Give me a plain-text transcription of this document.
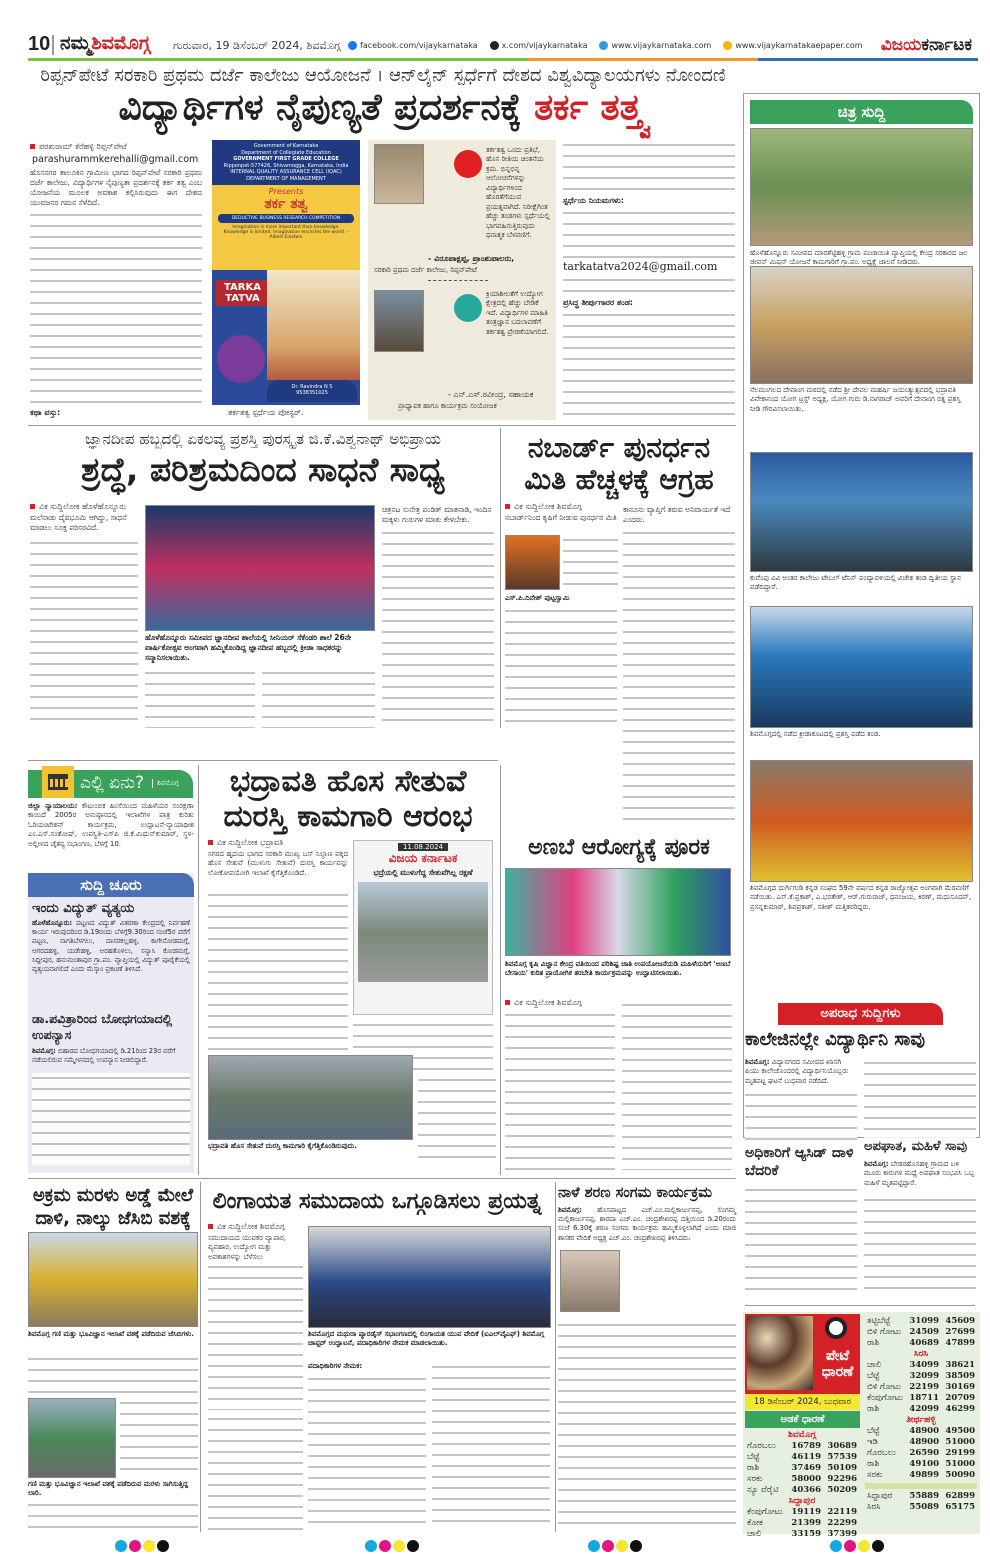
10 ನಮ್ಮಶಿವಮೊಗ್ಗ ಗುರುವಾರ, 19 ಡಿಸೆಂಬರ್ 2024, ಶಿವಮೊಗ್ಗ	facebook.com/vijaykarnataka	x.com/vijaykarnataka	www.vijaykarnataka.com	www.vijaykarnatakaepaper.com ವಿಜಯಕರ್ನಾಟಕ
ರಿಪ್ಪನ್‌ಪೇಟೆ ಸರಕಾರಿ ಪ್ರಥಮ ದರ್ಜೆ ಕಾಲೇಜು ಆಯೋಜನೆ । ಆನ್‌ಲೈನ್ ಸ್ಪರ್ಧೆಗೆ ದೇಶದ ವಿಶ್ವವಿದ್ಯಾಲಯಗಳು ನೋಂದಣಿ
ವಿದ್ಯಾರ್ಥಿಗಳ ನೈಪುಣ್ಯತೆ ಪ್ರದರ್ಶನಕ್ಕೆ ತರ್ಕ ತತ್ತ್ವ
ಪರಶುರಾಮ್ ಕೆರೆಹಳ್ಳಿ ರಿಪ್ಪನ್‌ಪೇಟೆ
parashurammkerehalli@gmail.com
ಹೊಸನಗರ ತಾಲೂಕಿನ ಗ್ರಾಮೀಣ ಭಾಗದ ರಿಪ್ಪನ್‌ಪೇಟೆ ಸರಕಾರಿ ಪ್ರಥಮ ದರ್ಜೆ ಕಾಲೇಜು, ವಿದ್ಯಾರ್ಥಿಗಳ ನೈಪುಣ್ಯತಾ ಪ್ರದರ್ಶನಕ್ಕೆ ತರ್ಕ ತತ್ವ ಎಂಬ ಯೋಜನೆಯ ಮೂಲಕ ಅವಕಾಶ ಕಲ್ಪಿಸಿರುವುದು ಈಗ ದೇಶದ ಯುವಜನರ ಗಮನ ಸೆಳೆದಿದೆ.
ಕಥಾ ವಸ್ತು:
Government of Karnataka
Department of Collegiate Education
GOVERNMENT FIRST GRADE COLLEGE
Ripponpet-577426, Shivamogga, Karnataka, India
INTERNAL QUALITY ASSURANCE CELL (IQAC)
DEPARTMENT OF MANAGEMENT
Presents
ತರ್ಕ ತತ್ವ
DEDUCTIVE BUSINESS RESEARCH COMPETITION
Imagination is more important than knowledge. Knowledge is limited. Imagination encircles the world. - Albert Einstein
TARKA
TATVA
Dr. Ravindra N S
9538351025
ತರ್ಕತತ್ವ ಸ್ಪರ್ಧೆಯ ಪೋಸ್ಟರ್.
ತರ್ಕತತ್ವ ಒಂದು ಪ್ರತಿಭೆ, ಹೊಸ ರೀತಿಯ ಚಿಂತನೆಯ ಕ್ರಮ. ಭಿನ್ನಭಿನ್ನ ಆಲೋಚನೆಗಳನ್ನು ವಿದ್ಯಾರ್ಥಿಗಳಿಂದ ಹೊರತೆಗೆಯುವ ಪ್ರಯತ್ನವಾಗಿದೆ. ನಿರೀಕ್ಷೆಗಿಂತ ಹೆಚ್ಚು ತಂಡಗಳು ಸ್ಪರ್ಧೆಯಲ್ಲಿ ಭಾಗವಹಿಸುತ್ತಿರುವುದು ಧನಾತ್ಮಕ ಬೆಳವಣಿಗೆ.
- ವಿರೂಪಾಕ್ಷಪ್ಪ, ಪ್ರಾಂಶುಪಾಲರು,
ಸರಕಾರಿ ಪ್ರಥಮ ದರ್ಜೆ ಕಾಲೇಜು, ರಿಪ್ಪನ್‌ಪೇಟೆ
ಕ್ರಿಯಾಶೀಲತೆಗೆ ಉದ್ಯೋಗ ಕ್ಷೇತ್ರದಲ್ಲಿ ಹೆಚ್ಚು ಬೇಡಿಕೆ ಇದೆ. ವಿದ್ಯಾರ್ಥಿಗಳ ಮಾಹಿತಿ ತಂತ್ರಜ್ಞಾನ ಬದಲಾವಣೆಗೆ ತರ್ಕತತ್ವ ಪ್ರೇರಣೆಯಾಗಲಿದೆ.
- ಎನ್.ಎಸ್.ರವೀಂದ್ರ, ಸಹಾಯಕ
ಪ್ರಾಧ್ಯಾಪಕ ಹಾಗೂ ಕಾರ್ಯಕ್ರಮ ಸಂಯೋಜಕ
ಸ್ಪರ್ಧೆಯ ನಿಯಮಗಳು:
tarkatatva2024@gmail.com
ಪ್ರಸಿದ್ಧ ತೀರ್ಪುಗಾರರ ತಂಡ:
ಚಿತ್ರ ಸುದ್ದಿ
ಹೊಳೆಹೊನ್ನೂರು ಸಮೀಪದ ಮಾರಶೆಟ್ಟಿಹಳ್ಳಿ ಗ್ರಾಮ ಪಂಚಾಯಿತಿ ವ್ಯಾಪ್ತಿಯಲ್ಲಿ ಕೇಂದ್ರ ಸರಕಾರದ ಜಲ ಜೀವನ್ ಮಿಷನ್ ಯೋಜನೆ ಕಾಮಗಾರಿಗೆ ಗ್ರಾ.ಪಂ. ಅಧ್ಯಕ್ಷೆ ಚಾಲನೆ ನೀಡಿದರು.
ನೆಲಮಂಗಲದ ದೇವಾಂಗ ಮಠದಲ್ಲಿ ನಡೆದ ಶ್ರೀ ದೇವಲ ಮಹರ್ಷಿ ಜಯಂತ್ಯುತ್ಸವದಲ್ಲಿ ಭದ್ರಾವತಿ ವಿವೇಕಾನಂದ ಯೋಗ ಟ್ರಸ್ಟ್ ಅಧ್ಯಕ್ಷ, ಯೋಗ ಗುರು ಡಿ.ನಾಗರಾಜ್ ಅವರಿಗೆ ದೇವಾಂಗ ರತ್ನ ಪ್ರಶಸ್ತಿ ನೀಡಿ ಗೌರವಿಸಲಾಯಿತು.
ಕುವೆಂಪು ವಿವಿ ಅಂತರ ಕಾಲೇಜು ಟೇಬಲ್ ಟೆನಿಸ್ ಪಂದ್ಯಾವಳಿಯಲ್ಲಿ ವಿಜೇತ ತಂಡ ದ್ವಿತೀಯ ಸ್ಥಾನ ಪಡೆದಿದ್ದಾರೆ.
ಶಿವಮೊಗ್ಗದಲ್ಲಿ ನಡೆದ ಕ್ರೀಡಾಕೂಟದಲ್ಲಿ ಪ್ರಶಸ್ತಿ ಪಡೆದ ತಂಡ.
ಶಿವಮೊಗ್ಗದ ದುರ್ಗಿಗುಡಿ ಕನ್ನಡ ಸಂಘದ 59ನೇ ವರ್ಷದ ಕನ್ನಡ ರಾಜ್ಯೋತ್ಸವ ಅಂಗವಾಗಿ ಮೆರವಣಿಗೆ ನಡೆಯಿತು. ಎಸ್.ಕೆ.ಪ್ರಕಾಶ್, ಎ.ಭರತೇಶ್, ಆರ್.ಗುರುರಾಜ್, ಧನಂಜಯ, ಕಿರಣ್, ಮಧುಸೂದನ್, ಪ್ರಸನ್ನಕುಮಾರ್, ಶಿವಪ್ರಕಾಶ್, ಸತೀಶ್ ಮತ್ತಿತರರಿದ್ದರು.
ಜ್ಞಾನದೀಪ ಹಬ್ಬದಲ್ಲಿ ಏಕಲವ್ಯ ಪ್ರಶಸ್ತಿ ಪುರಸ್ಕೃತ ಜಿ.ಕೆ.ವಿಶ್ವನಾಥ್ ಅಭಿಪ್ರಾಯ
ಶ್ರದ್ಧೆ, ಪರಿಶ್ರಮದಿಂದ ಸಾಧನೆ ಸಾಧ್ಯ
ವಿಕ ಸುದ್ದಿಲೋಕ ಹೊಳೆಹೊನ್ನೂರು
ಮಲೆನಾಡು ದೈವಭೂಮಿ ಆಗಿದ್ದು, ಸಾಧನೆ ಮಾಡಲು ಸೂಕ್ತ ಪರಿಸರವಿದೆ.
ಹೊಳೆಹೊನ್ನೂರು ಸಮೀಪದ ಜ್ಞಾನದೀಪ ಶಾಲೆಯಲ್ಲಿ ಸೀನಿಯರ್ ಸೆಕೆಂಡರಿ ಶಾಲೆ 26ನೇ ವಾರ್ಷಿಕೋತ್ಸವ ಅಂಗವಾಗಿ ಹಮ್ಮಿಕೊಂಡಿದ್ದ ಜ್ಞಾನದೀಪ ಹಬ್ಬದಲ್ಲಿ ಕ್ರೀಡಾ ಸಾಧಕರನ್ನು ಸನ್ಮಾನಿಸಲಾಯಿತು.
ಚಿತ್ರನಟ ಸುನೇತ್ರ ಪಂಡಿತ್ ಮಾತನಾಡಿ, ಇಂದಿನ ಮಕ್ಕಳು ಗುರುಗಳ ಮಾತು ಕೇಳಬೇಕು.
ನಬಾರ್ಡ್ ಪುನರ್ಧನ ಮಿತಿ ಹೆಚ್ಚಳಕ್ಕೆ ಆಗ್ರಹ
ವಿಕ ಸುದ್ದಿಲೋಕ ಶಿವಮೊಗ್ಗ
ನಬಾರ್ಡ್‌ನಿಂದ ಕೃಷಿಗೆ ನೀಡುವ ಪುನರ್ಧನ ಮಿತಿ
ಎಸ್.ಪಿ.ದಿನೇಶ್ ಪುಟ್ಟಸ್ವಾಮಿ
ಕಾನೂನು ವ್ಯಾಪ್ತಿಗೆ ತರುವ ಅನಿವಾರ್ಯತೆ ಇದೆ ಎಂದರು.
ಎಲ್ಲಿ ಏನು?	ಶಿವಮೊಗ್ಗ
ಜಿಲ್ಲಾ ನ್ಯಾಯಾಲಯ: ಕೌಟುಂಬಿಕ ಹಿಂಸೆಯಿಂದ ಮಹಿಳೆಯರ ಸಂರಕ್ಷಣಾ ಕಾಯಿದೆ 2005ರ ಅನುಷ್ಠಾನದಲ್ಲಿ ಇಲಾಖೆಗಳ ಪಾತ್ರ ಕುರಿತು ಓರಿಯಂಟೇಶನ್ ಕಾರ್ಯಕ್ರಮ, ಉದ್ಘಾಟನೆ-ನ್ಯಾಯಾಧೀಶ ಎಂ.ಎಸ್.ಸಂತೋಷ್, ಉಪಸ್ಥಿತಿ-ಎಸ್‌ಪಿ ಜಿ.ಕೆ.ಮಿಥುನ್‌ಕುಮಾರ್, ಸ್ಥಳ-ಅಲ್ಲೀಳದ ಚೈತನ್ಯ ಸಭಾಂಗಣ, ಬೆಳಗ್ಗೆ 10.
ಸುದ್ದಿ ಚೂರು
ಇಂದು ವಿದ್ಯುತ್ ವ್ಯತ್ಯಯ
ಹೊಳೆಹೊನ್ನೂರು: ಪಟ್ಟಣದ ವಿದ್ಯುತ್ ವಿತರಣಾ ಕೇಂದ್ರದಲ್ಲಿ ನಿರ್ವಹಣೆ ಕಾರ್ಯ ಇರುವುದರಿಂದ ಡಿ.19ರಂದು ಬೆಳಗ್ಗೆ9.30ರಿಂದ ಸಂಜೆ5ರ ವರೆಗೆ ಪಟ್ಟಣ, ನಾಗತಿಬೆಳಗಲು, ದಾಸರಕಲ್ಲಹಳ್ಳಿ, ಕಾಗೇನೋಡಮಗ್ಗೆ, ಅಗರದಹಳ್ಳಿ, ಯಡೇಹಳ್ಳಿ, ಅರಹತೊಳಲು, ಸನ್ಯಾಸಿ ಕೋಡಮಗ್ಗೆ, ಸಿದ್ದೀಪುರ, ಹನುಮಂತಾಪುರ ಗ್ರಾ.ಪಂ. ವ್ಯಾಪ್ತಿಯಲ್ಲಿ ವಿದ್ಯುತ್ ಪೂರೈಕೆಯಲ್ಲಿ ವ್ಯತ್ಯಯವಾಗಲಿದೆ ಎಂದು ಮೆಸ್ಕಾಂ ಪ್ರಕಟಣೆ ತಿಳಿಸಿದೆ.
ಡಾ.ಪವಿತ್ರಾರಿಂದ ಬೋಧಗಯಾದಲ್ಲಿ ಉಪನ್ಯಾಸ
ಶಿವಮೊಗ್ಗ: ಬಿಹಾರದ ಬೋಧಗಯಾದಲ್ಲಿ ಡಿ.21ರಿಂದ 23ರ ವರೆಗೆ ನಡೆಯಲಿರುವ ಸಮ್ಮೇಳನದಲ್ಲಿ ಉಪನ್ಯಾಸ ನೀಡಲಿದ್ದಾರೆ.
ಭದ್ರಾವತಿ ಹೊಸ ಸೇತುವೆ ದುರಸ್ತಿ ಕಾಮಗಾರಿ ಆರಂಭ
ವಿಕ ಸುದ್ದಿಲೋಕ ಭದ್ರಾವತಿ
ನಗರದ ಹೃದಯ ಭಾಗದ ಸರಕಾರಿ ಮುಖ್ಯ ಬಸ್ ನಿಲ್ದಾಣ ಪಕ್ಕದ ಹೊಸ ಸೇತುವೆ (ಮುಳುಗು ಸೇತುವೆ) ದುರಸ್ತಿ ಕಾರ್ಯವನ್ನು ಲೋಕೋಪಯೋಗಿ ಇಲಾಖೆ ಕೈಗೆತ್ತಿಕೊಂಡಿದೆ.
11.08.2024
ವಿಜಯ ಕರ್ನಾಟಕ
ಭದ್ರೆಯಲ್ಲಿ ಮುಳುಗೆದ್ದ ಸೇತುವೆಗಿಲ್ಲ ರಕ್ಷಣೆ
ಭದ್ರಾವತಿ ಹೊಸ ಸೇತುವೆ ದುರಸ್ತಿ ಕಾಮಗಾರಿ ಕೈಗೆತ್ತಿಕೊಂಡಿರುವುದು.
ಅಣಬೆ ಆರೋಗ್ಯಕ್ಕೆ ಪೂರಕ
ಶಿವಮೊಗ್ಗ ಕೃಷಿ ವಿಜ್ಞಾನ ಕೇಂದ್ರ ವತಿಯಿಂದ ಪರಿಶಿಷ್ಟ ಜಾತಿ ಉಪಯೋಜನೆಯಡಿ ಮಹಿಳೆಯರಿಗೆ 'ಅಣಬೆ ಬೇಸಾಯ' ಕುರಿತ ಪ್ರಾಯೋಗಿಕ ತರಬೇತಿ ಕಾರ್ಯಕ್ರಮವನ್ನು ಉದ್ಘಾಟಿಸಲಾಯಿತು.
ವಿಕ ಸುದ್ದಿಲೋಕ ಶಿವಮೊಗ್ಗ
ಅಪರಾಧ ಸುದ್ದಿಗಳು
ಕಾಲೇಜಿನಲ್ಲೇ ವಿದ್ಯಾರ್ಥಿನಿ ಸಾವು
ಶಿವಮೊಗ್ಗ: ವಿದ್ಯಾನಗರದ ಸಮೀಪದ ಖಾಸಗಿ ಪಿಯು ಕಾಲೇಜೊಂದರಲ್ಲಿ ವಿದ್ಯಾರ್ಥಿನಿಯೊಬ್ಬರು ಮೃತಪಟ್ಟ ಘಟನೆ ಬುಧವಾರ ನಡೆದಿದೆ.
ಅಧಿಕಾರಿಗೆ ಆ್ಯಸಿಡ್ ದಾಳಿ ಬೆದರಿಕೆ
ಅಪಘಾತ, ಮಹಿಳೆ ಸಾವು
ಶಿವಮೊಗ್ಗ: ಬೇಡರಹೊಸಹಳ್ಳಿ ಗ್ರಾಮದ ಬಳಿ ಮೂರು ಕಾರುಗಳ ಮಧ್ಯೆ ಅಪಘಾತ ಸಂಭವಿಸಿ ಒಬ್ಬ ಮಹಿಳೆ ಮೃತಪಟ್ಟಿದ್ದಾರೆ.
ಅಕ್ರಮ ಮರಳು ಅಡ್ಡೆ ಮೇಲೆ ದಾಳಿ, ನಾಲ್ಕು ಜೆಸಿಬಿ ವಶಕ್ಕೆ
ಶಿವಮೊಗ್ಗ ಗಣಿ ಮತ್ತು ಭೂವಿಜ್ಞಾನ ಇಲಾಖೆ ವಶಕ್ಕೆ ಪಡೆದಿರುವ ಜೆಸಿಬಿಗಳು.
ಗಣಿ ಮತ್ತು ಭೂವಿಜ್ಞಾನ ಇಲಾಖೆ ವಶಕ್ಕೆ ಪಡೆದಿರುವ ಮರಳು ಸಾಗಿಸುತ್ತಿದ್ದ ಲಾರಿ.
ಲಿಂಗಾಯತ ಸಮುದಾಯ ಒಗ್ಗೂಡಿಸಲು ಪ್ರಯತ್ನ
ವಿಕ ಸುದ್ದಿಲೋಕ ಶಿವಮೊಗ್ಗ
ಸಮುದಾಯದ ಯುವಕರ ವ್ಯಾಪಾರ, ವ್ಯವಹಾರ, ಉದ್ಯೋಗ ಮತ್ತು ಅವಕಾಶಗಳನ್ನು ಬೆಳೆಸಲು
ಶಿವಮೊಗ್ಗದ ಮಥುರಾ ಪ್ಯಾರಡೈಸ್ ಸಭಾಂಗಣದಲ್ಲಿ ಲಿಂಗಾಯತ ಯುವ ವೇದಿಕೆ (ಐಎಲ್‌ವೈಎಫ್) ಶಿವಮೊಗ್ಗ ಚಾಪ್ಟರ್ ಉದ್ಘಾಟನೆ, ಪದಾಧಿಕಾರಿಗಳ ನೇಮಕ ಮಾಡಲಾಯಿತು.
ಪದಾಧಿಕಾರಿಗಳ ನೇಮಕ:
ನಾಳೆ ಶರಣ ಸಂಗಮ ಕಾರ್ಯಕ್ರಮ
ಶಿವಮೊಗ್ಗ: ಹೊಸಪಾಟ್ಟದ ಎಚ್.ಎಂ.ಮಲ್ಲಿಕಾರ್ಜುನಪ್ಪ, ಲಿಂಗಮ್ಮ ಮಲ್ಲಿಕಾರ್ಜುನಪ್ಪ, ಶಾರದಾ ಎಚ್.ಎಂ. ಚಂದ್ರಶೇಖರಪ್ಪ ದತ್ತಿಯಿಂದ ಡಿ.20ರಂದು ಸಂಜೆ 6.30ಕ್ಕೆ ಶರಣ ಸಂಗಮ ಕಾರ್ಯಕ್ರಮ ಹಮ್ಮಿಕೊಳ್ಳಲಾಗಿದೆ ಎಂದು ಮಾಜಿ ಶಾಸಕರ ವೇದಿಕೆ ಅಧ್ಯಕ್ಷ ಎಚ್.ಎಂ. ಚಂದ್ರಶೇಖರಪ್ಪ ತಿಳಿಸಿದರು.
ಪೇಟೆ ಧಾರಣೆ
18 ಡಿಸೆಂಬರ್ 2024, ಬುಧವಾರ
ಅಡಕೆ ಧಾರಣೆ
ಶಿವಮೊಗ್ಗ
ಗೊರಬಲು	16789 30689
ಬೆಟ್ಟೆ	46119 57539
ರಾಶಿ	37469 50109
ಸರಕು	58000 92296
ನ್ಯೂ ವೆರೈಟಿ	40366 50209
ಸಿದ್ದಾಪುರ
ಕೆಂಪುಗೋಟು	19119 22119
ಕೋಕ	21399 22299
ಚಾಲಿ	33159 37399
ತಟ್ಟಿಬೆಟ್ಟೆ	31099 45609
ಬಿಳಿ ಗೋಟು 24509 27699
ರಾಶಿ	40689 47899
ಸಿರಸಿ
ಚಾಲಿ	34099 38621
ಬೆಟ್ಟೆ	32099 38509
ಬಿಳಿ ಗೋಟು 22199 30169
ಕೆಂಪುಗೋಟು 18711 20709
ರಾಶಿ	42099 46299
ತೀರ್ಥಹಳ್ಳಿ
ಬೆಟ್ಟೆ	48900 49500
ಇಡಿ	48900 51000
ಗೊರಬಲು	26590 29199
ರಾಶಿ	49100 51000
ಸರಕು	49899 50090
ಸಿದ್ದಾಪುರ	55889 62899
ಸಿರಸಿ	55089 65175
